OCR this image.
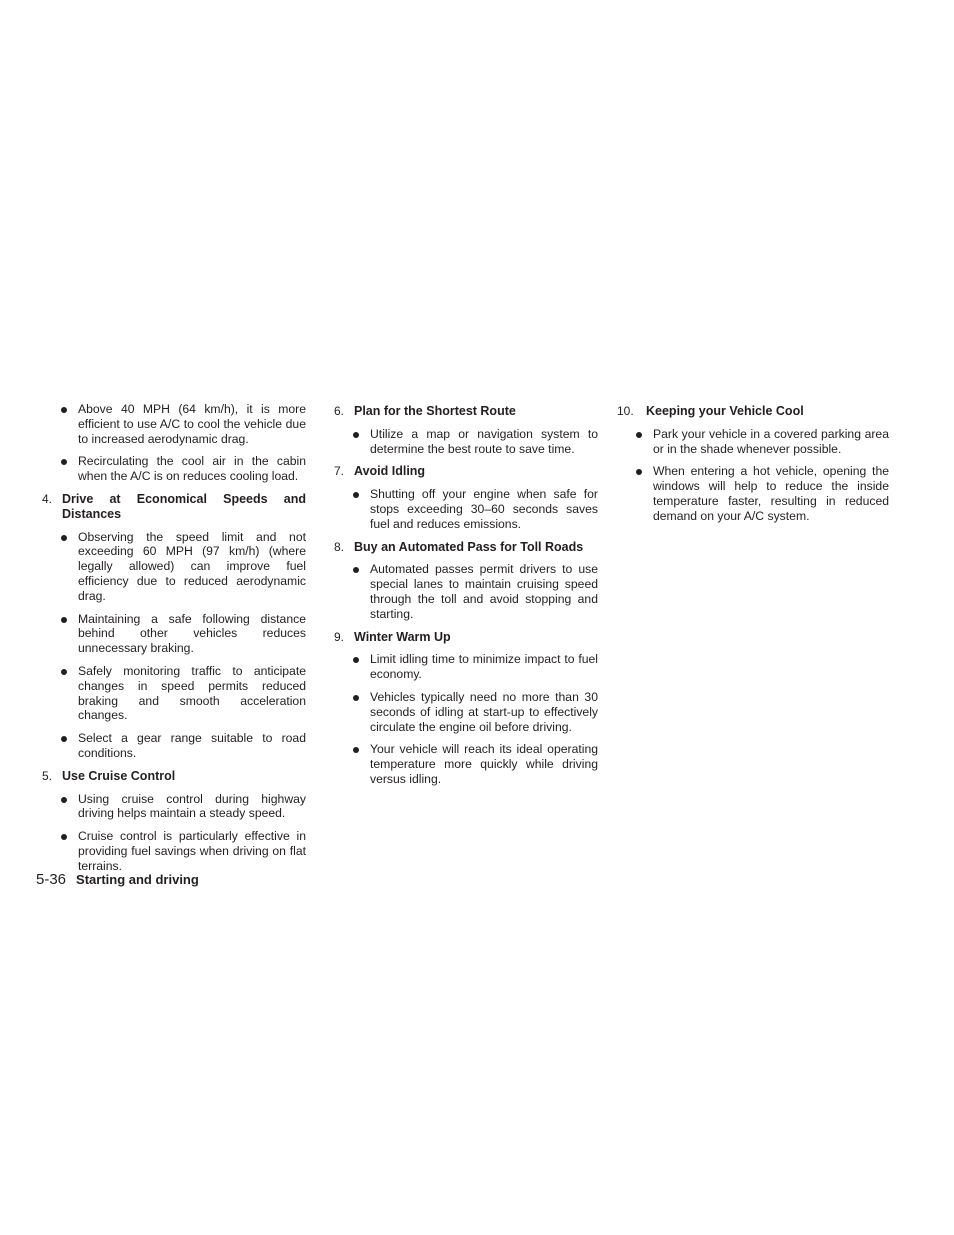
Above 40 MPH (64 km/h), it is more efficient to use A/C to cool the vehicle due to increased aerodynamic drag.
Recirculating the cool air in the cabin when the A/C is on reduces cooling load.
4. Drive at Economical Speeds and Distances
Observing the speed limit and not exceeding 60 MPH (97 km/h) (where legally allowed) can improve fuel efficiency due to reduced aerodynamic drag.
Maintaining a safe following distance behind other vehicles reduces unnecessary braking.
Safely monitoring traffic to anticipate changes in speed permits reduced braking and smooth acceleration changes.
Select a gear range suitable to road conditions.
5. Use Cruise Control
Using cruise control during highway driving helps maintain a steady speed.
Cruise control is particularly effective in providing fuel savings when driving on flat terrains.
6. Plan for the Shortest Route
Utilize a map or navigation system to determine the best route to save time.
7. Avoid Idling
Shutting off your engine when safe for stops exceeding 30–60 seconds saves fuel and reduces emissions.
8. Buy an Automated Pass for Toll Roads
Automated passes permit drivers to use special lanes to maintain cruising speed through the toll and avoid stopping and starting.
9. Winter Warm Up
Limit idling time to minimize impact to fuel economy.
Vehicles typically need no more than 30 seconds of idling at start-up to effectively circulate the engine oil before driving.
Your vehicle will reach its ideal operating temperature more quickly while driving versus idling.
10. Keeping your Vehicle Cool
Park your vehicle in a covered parking area or in the shade whenever possible.
When entering a hot vehicle, opening the windows will help to reduce the inside temperature faster, resulting in reduced demand on your A/C system.
5-36 Starting and driving
